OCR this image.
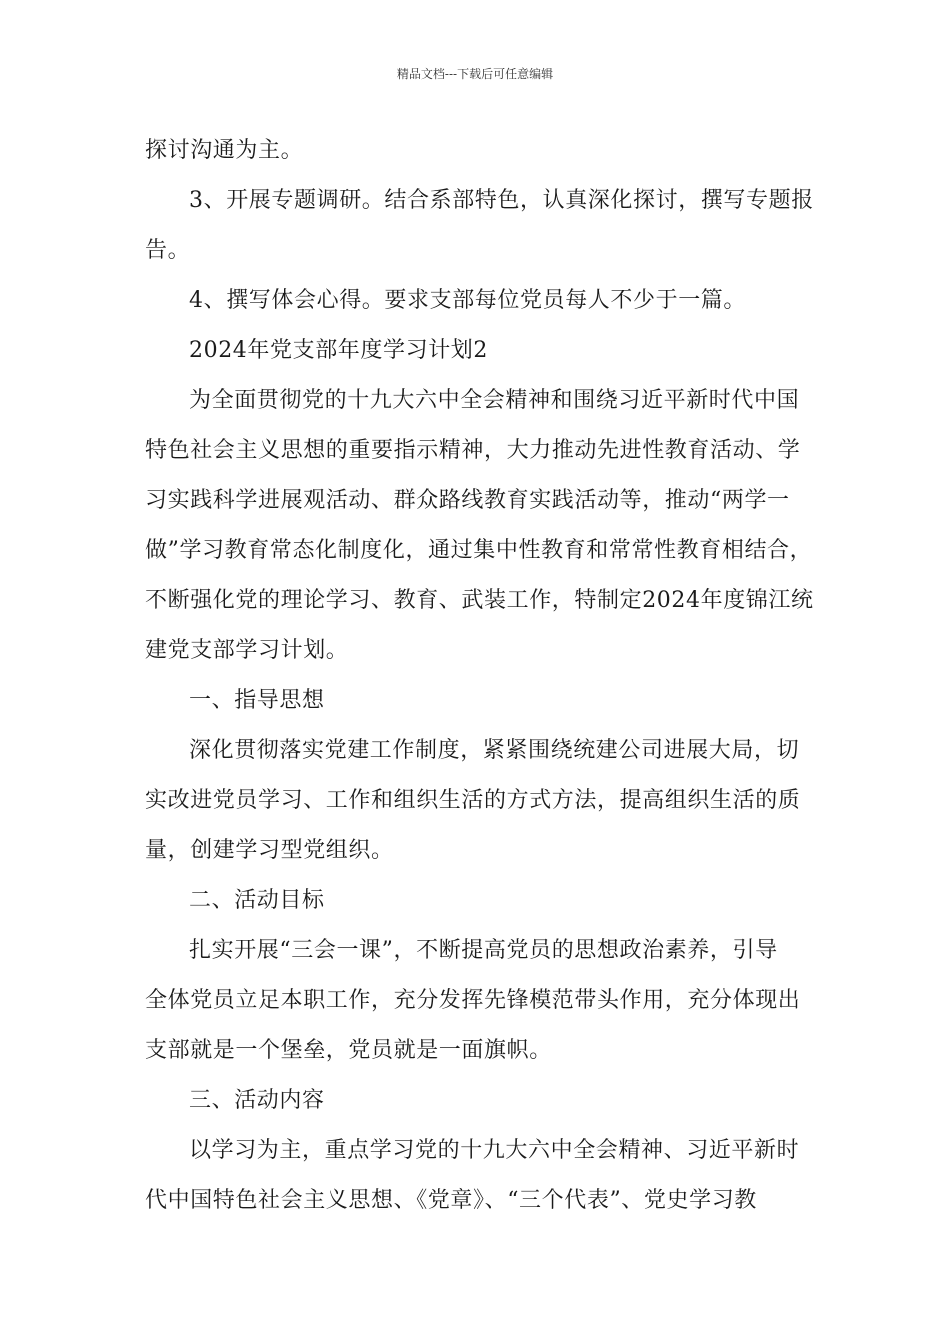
精品文档---下载后可任意编辑
探讨沟通为主。
3、开展专题调研。结合系部特色，认真深化探讨，撰写专题报
告。
4、撰写体会心得。要求支部每位党员每人不少于一篇。
2024年党支部年度学习计划2
为全面贯彻党的十九大六中全会精神和围绕习近平新时代中国
特色社会主义思想的重要指示精神，大力推动先进性教育活动、学
习实践科学进展观活动、群众路线教育实践活动等，推动“两学一
做”学习教育常态化制度化，通过集中性教育和常常性教育相结合，
不断强化党的理论学习、教育、武装工作，特制定2024年度锦江统
建党支部学习计划。
一、指导思想
深化贯彻落实党建工作制度，紧紧围绕统建公司进展大局，切
实改进党员学习、工作和组织生活的方式方法，提高组织生活的质
量，创建学习型党组织。
二、活动目标
扎实开展“三会一课”，不断提高党员的思想政治素养，引导
全体党员立足本职工作，充分发挥先锋模范带头作用，充分体现出
支部就是一个堡垒，党员就是一面旗帜。
三、活动内容
以学习为主，重点学习党的十九大六中全会精神、习近平新时
代中国特色社会主义思想、《党章》、“三个代表”、党史学习教
